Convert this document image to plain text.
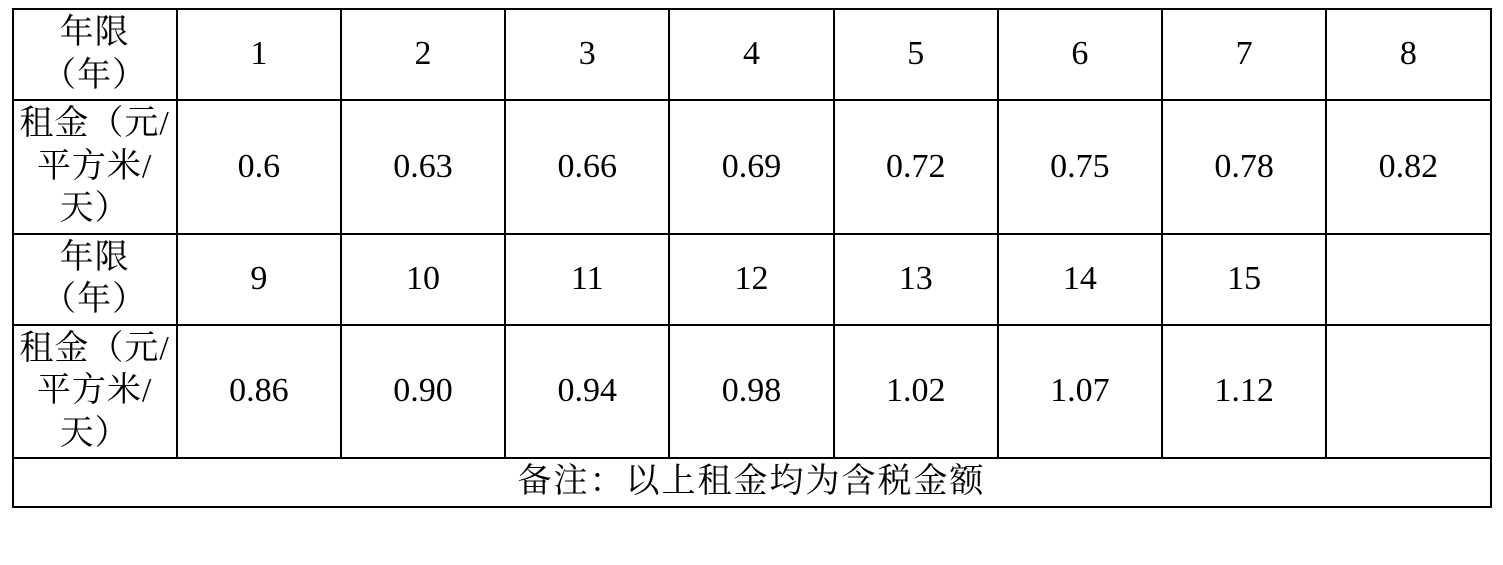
年限（年）	1	2	3	4	5	6	7	8
租金（元/平方米/天）	0.6	0.63	0.66	0.69	0.72	0.75	0.78	0.82
年限（年）	9	10	11	12	13	14	15	
租金（元/平方米/天）	0.86	0.90	0.94	0.98	1.02	1.07	1.12	
备注：以上租金均为含税金额								
